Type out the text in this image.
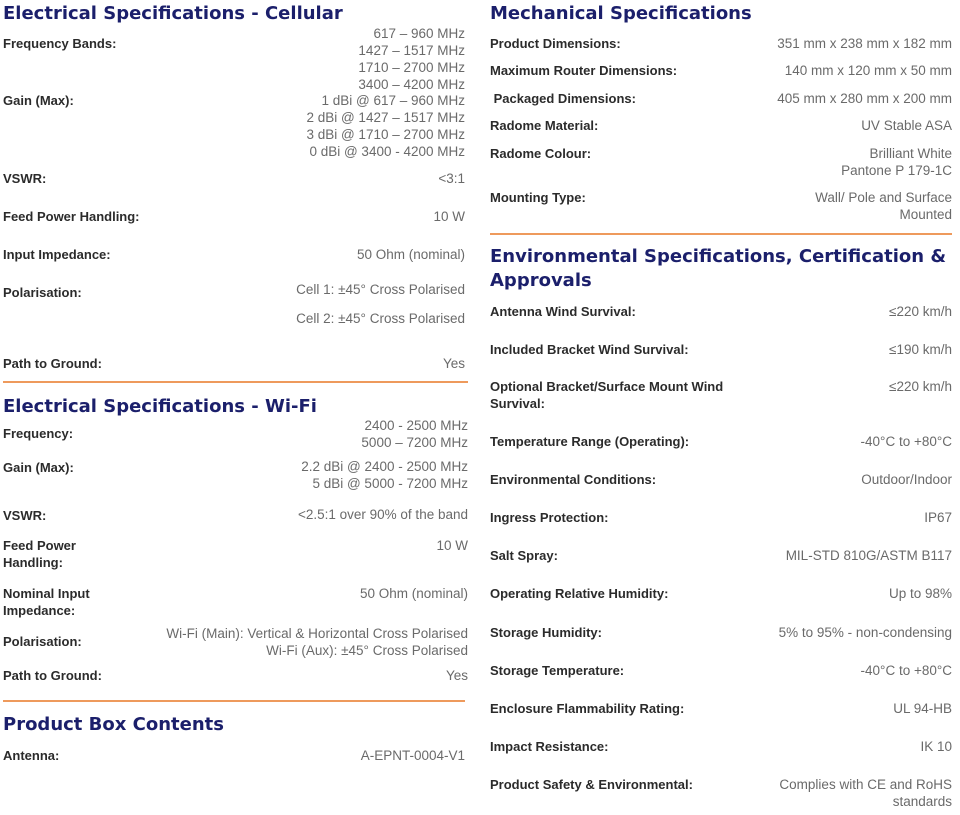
Electrical Specifications - Cellular
Frequency Bands:
617 – 960 MHz
1427 – 1517 MHz
1710 – 2700 MHz
3400 – 4200 MHz
Gain (Max):	1 dBi @ 617 – 960 MHz
2 dBi @ 1427 – 1517 MHz
3 dBi @ 1710 – 2700 MHz
0 dBi @ 3400 - 4200 MHz
VSWR:	<3:1
Feed Power Handling:	10 W
Input Impedance:	50 Ohm (nominal)
Polarisation:	Cell 1: ±45° Cross Polarised
Cell 2: ±45° Cross Polarised
Path to Ground:	Yes
Electrical Specifications - Wi-Fi
Frequency:
2400 - 2500 MHz
5000 – 7200 MHz
Gain (Max):	2.2 dBi @ 2400 - 2500 MHz
5 dBi @ 5000 - 7200 MHz
VSWR:	<2.5:1 over 90% of the band
Feed Power
Handling:
10 W
Nominal Input
Impedance:
50 Ohm (nominal)
Polarisation:
Wi-Fi (Main): Vertical & Horizontal Cross Polarised
Wi-Fi (Aux): ±45° Cross Polarised
Path to Ground:	Yes
Product Box Contents
Antenna:	A-EPNT-0004-V1
Mechanical Specifications
Product Dimensions:	351 mm x 238 mm x 182 mm
Maximum Router Dimensions:	140 mm x 120 mm x 50 mm
Packaged Dimensions:	405 mm x 280 mm x 200 mm
Radome Material:	UV Stable ASA
Radome Colour:	Brilliant White
Pantone P 179-1C
Mounting Type:	Wall/ Pole and Surface
Mounted
Environmental Specifications, Certification &
Approvals
Antenna Wind Survival:	≤220 km/h
Included Bracket Wind Survival:	≤190 km/h
Optional Bracket/Surface Mount Wind
Survival:
≤220 km/h
Temperature Range (Operating):	-40°C to +80°C
Environmental Conditions:	Outdoor/Indoor
Ingress Protection:	IP67
Salt Spray:	MIL-STD 810G/ASTM B117
Operating Relative Humidity:	Up to 98%
Storage Humidity:	5% to 95% - non-condensing
Storage Temperature:	-40°C to +80°C
Enclosure Flammability Rating:	UL 94-HB
Impact Resistance:	IK 10
Product Safety & Environmental:	Complies with CE and RoHS
standards
